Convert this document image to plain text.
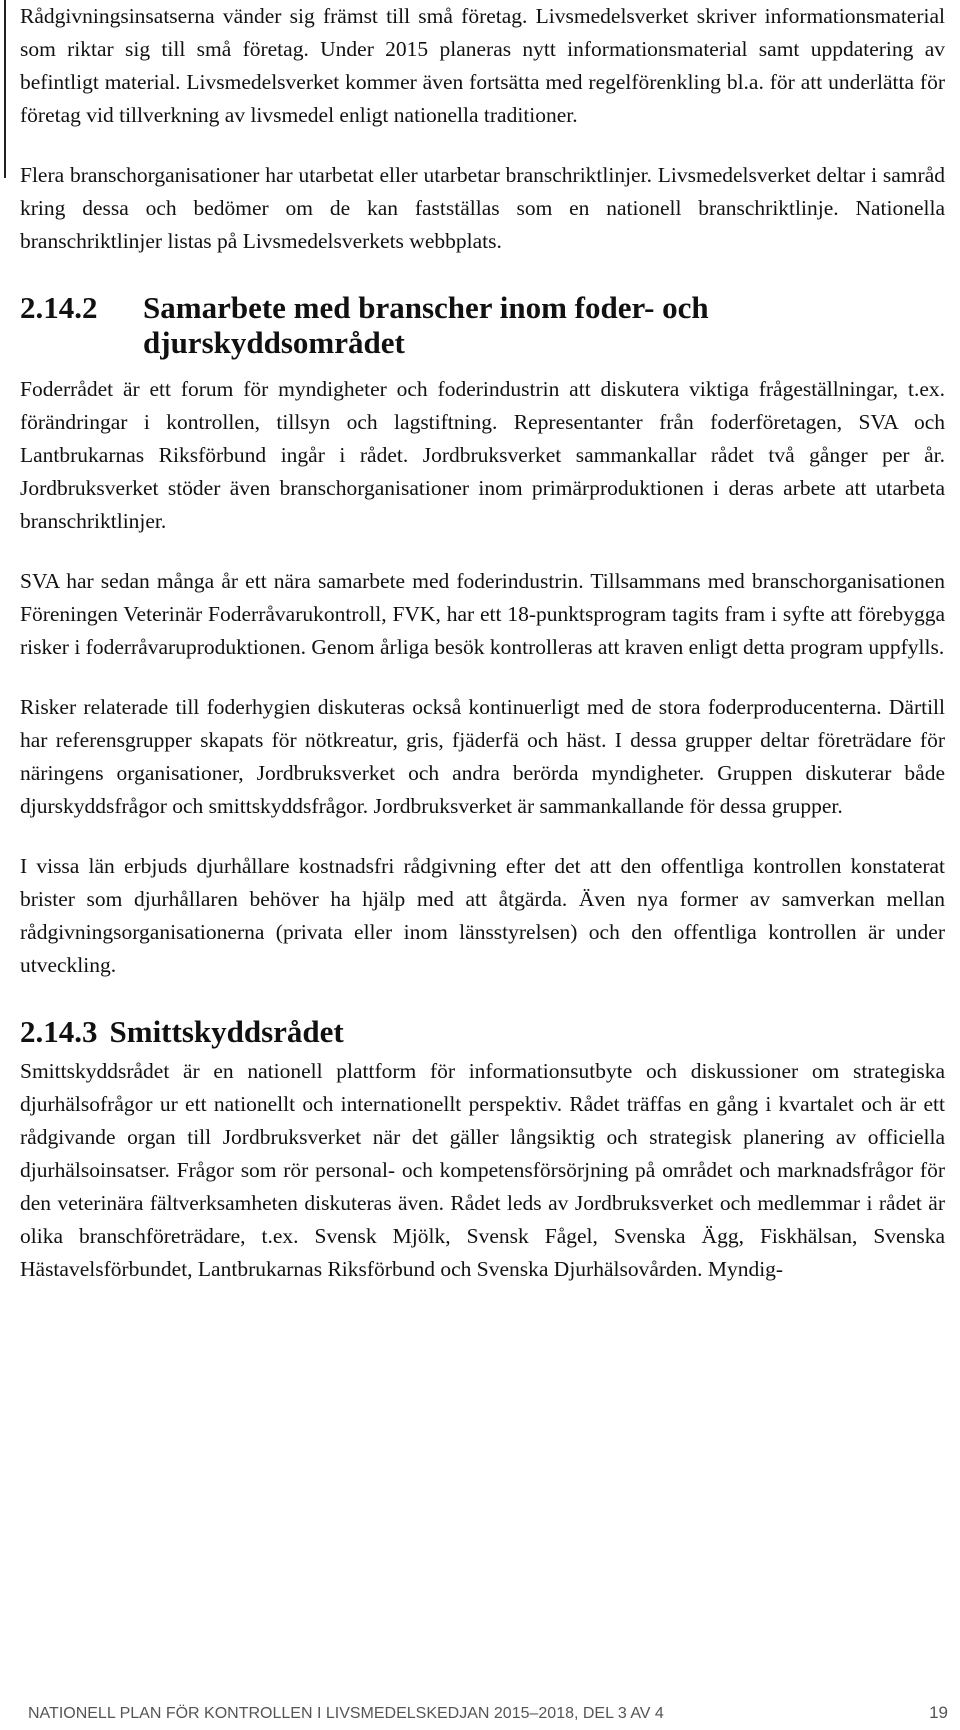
Rådgivningsinsatserna vänder sig främst till små företag. Livsmedelsverket skriver informationsmaterial som riktar sig till små företag. Under 2015 planeras nytt informationsmaterial samt uppdatering av befintligt material. Livsmedelsverket kommer även fortsätta med regelförenkling bl.a. för att underlätta för företag vid tillverkning av livsmedel enligt nationella traditioner.

Flera branschorganisationer har utarbetat eller utarbetar branschriktlinjer. Livsmedelsverket deltar i samråd kring dessa och bedömer om de kan fastställas som en nationell branschriktlinje. Nationella branschriktlinjer listas på Livsmedelsverkets webbplats.

2.14.2	Samarbete med branscher inom foder- och djurskyddsområdet

Foderrådet är ett forum för myndigheter och foderindustrin att diskutera viktiga frågeställningar, t.ex. förändringar i kontrollen, tillsyn och lagstiftning. Representanter från foderföretagen, SVA och Lantbrukarnas Riksförbund ingår i rådet. Jordbruksverket sammankallar rådet två gånger per år. Jordbruksverket stöder även branschorganisationer inom primärproduktionen i deras arbete att utarbeta branschriktlinjer.

SVA har sedan många år ett nära samarbete med foderindustrin. Tillsammans med branschorganisationen Föreningen Veterinär Foderråvarukontroll, FVK, har ett 18-punktsprogram tagits fram i syfte att förebygga risker i foderråvaruproduktionen. Genom årliga besök kontrolleras att kraven enligt detta program uppfylls.

Risker relaterade till foderhygien diskuteras också kontinuerligt med de stora foderproducenterna. Därtill har referensgrupper skapats för nötkreatur, gris, fjäderfä och häst. I dessa grupper deltar företrädare för näringens organisationer, Jordbruksverket och andra berörda myndigheter. Gruppen diskuterar både djurskyddsfrågor och smittskyddsfrågor. Jordbruksverket är sammankallande för dessa grupper.

I vissa län erbjuds djurhållare kostnadsfri rådgivning efter det att den offentliga kontrollen konstaterat brister som djurhållaren behöver ha hjälp med att åtgärda. Även nya former av samverkan mellan rådgivningsorganisationerna (privata eller inom länsstyrelsen) och den offentliga kontrollen är under utveckling.

2.14.3 Smittskyddsrådet

Smittskyddsrådet är en nationell plattform för informationsutbyte och diskussioner om strategiska djurhälsofrågor ur ett nationellt och internationellt perspektiv. Rådet träffas en gång i kvartalet och är ett rådgivande organ till Jordbruksverket när det gäller långsiktig och strategisk planering av officiella djurhälsoinsatser. Frågor som rör personal- och kompetensförsörjning på området och marknadsfrågor för den veterinära fältverksamheten diskuteras även. Rådet leds av Jordbruksverket och medlemmar i rådet är olika branschföreträdare, t.ex. Svensk Mjölk, Svensk Fågel, Svenska Ägg, Fiskhälsan, Svenska Hästavelsförbundet, Lantbrukarnas Riksförbund och Svenska Djurhälsovården. Myndig-

NATIONELL PLAN FÖR KONTROLLEN I LIVSMEDELSKEDJAN 2015–2018, DEL 3 AV 4	19
